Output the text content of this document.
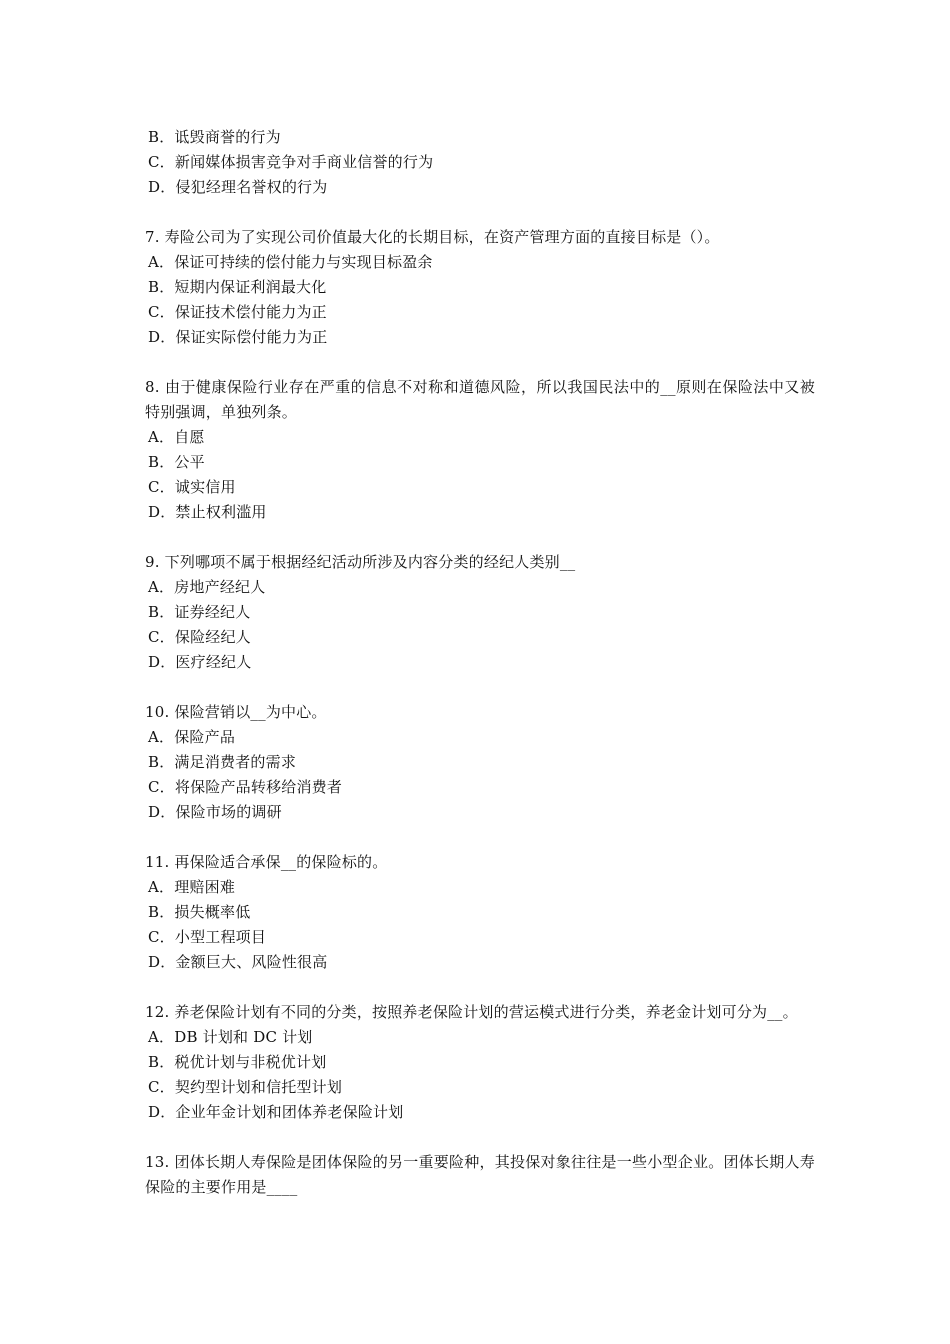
B．诋毁商誉的行为
C．新闻媒体损害竞争对手商业信誉的行为
D．侵犯经理名誉权的行为
7. 寿险公司为了实现公司价值最大化的长期目标，在资产管理方面的直接目标是（）。
A．保证可持续的偿付能力与实现目标盈余
B．短期内保证利润最大化
C．保证技术偿付能力为正
D．保证实际偿付能力为正
8. 由于健康保险行业存在严重的信息不对称和道德风险，所以我国民法中的__原则在保险法中又被特别强调，单独列条。
A．自愿
B．公平
C．诚实信用
D．禁止权利滥用
9. 下列哪项不属于根据经纪活动所涉及内容分类的经纪人类别__
A．房地产经纪人
B．证券经纪人
C．保险经纪人
D．医疗经纪人
10. 保险营销以__为中心。
A．保险产品
B．满足消费者的需求
C．将保险产品转移给消费者
D．保险市场的调研
11. 再保险适合承保__的保险标的。
A．理赔困难
B．损失概率低
C．小型工程项目
D．金额巨大、风险性很高
12. 养老保险计划有不同的分类，按照养老保险计划的营运模式进行分类，养老金计划可分为__。
A．DB 计划和 DC 计划
B．税优计划与非税优计划
C．契约型计划和信托型计划
D．企业年金计划和团体养老保险计划
13. 团体长期人寿保险是团体保险的另一重要险种，其投保对象往往是一些小型企业。团体长期人寿保险的主要作用是____
